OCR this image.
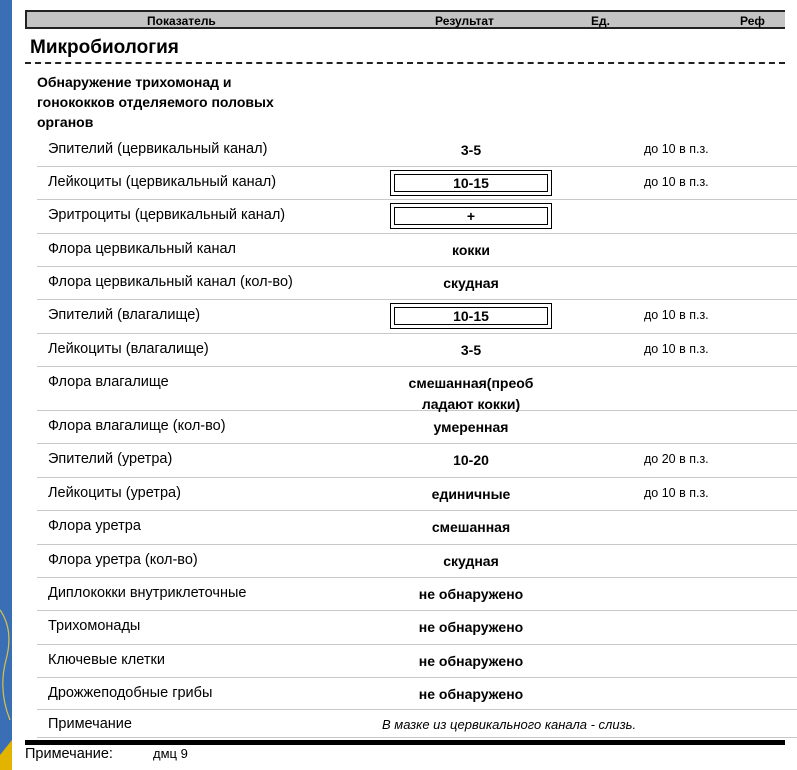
Показатель	Результат	Ед.	Реф
Микробиология
Обнаружение трихомонад и
гонококков отделяемого половых
органов
Эпителий (цервикальный канал)	3-5	до 10 в п.з.
Лейкоциты (цервикальный канал)	10-15	до 10 в п.з.
Эритроциты (цервикальный канал)	+
Флора цервикальный канал	кокки
Флора цервикальный канал (кол-во)	скудная
Эпителий (влагалище)	10-15	до 10 в п.з.
Лейкоциты (влагалище)	3-5	до 10 в п.з.
Флора влагалище	смешанная(преоб
ладают кокки)
Флора влагалище (кол-во)	умеренная
Эпителий (уретра)	10-20	до 20 в п.з.
Лейкоциты (уретра)	единичные	до 10 в п.з.
Флора уретра	смешанная
Флора уретра (кол-во)	скудная
Диплококки внутриклеточные	не обнаружено
Трихомонады	не обнаружено
Ключевые клетки	не обнаружено
Дрожжеподобные грибы	не обнаружено
Примечание	В мазке из цервикального канала - слизь.
Примечание:	дмц 9
